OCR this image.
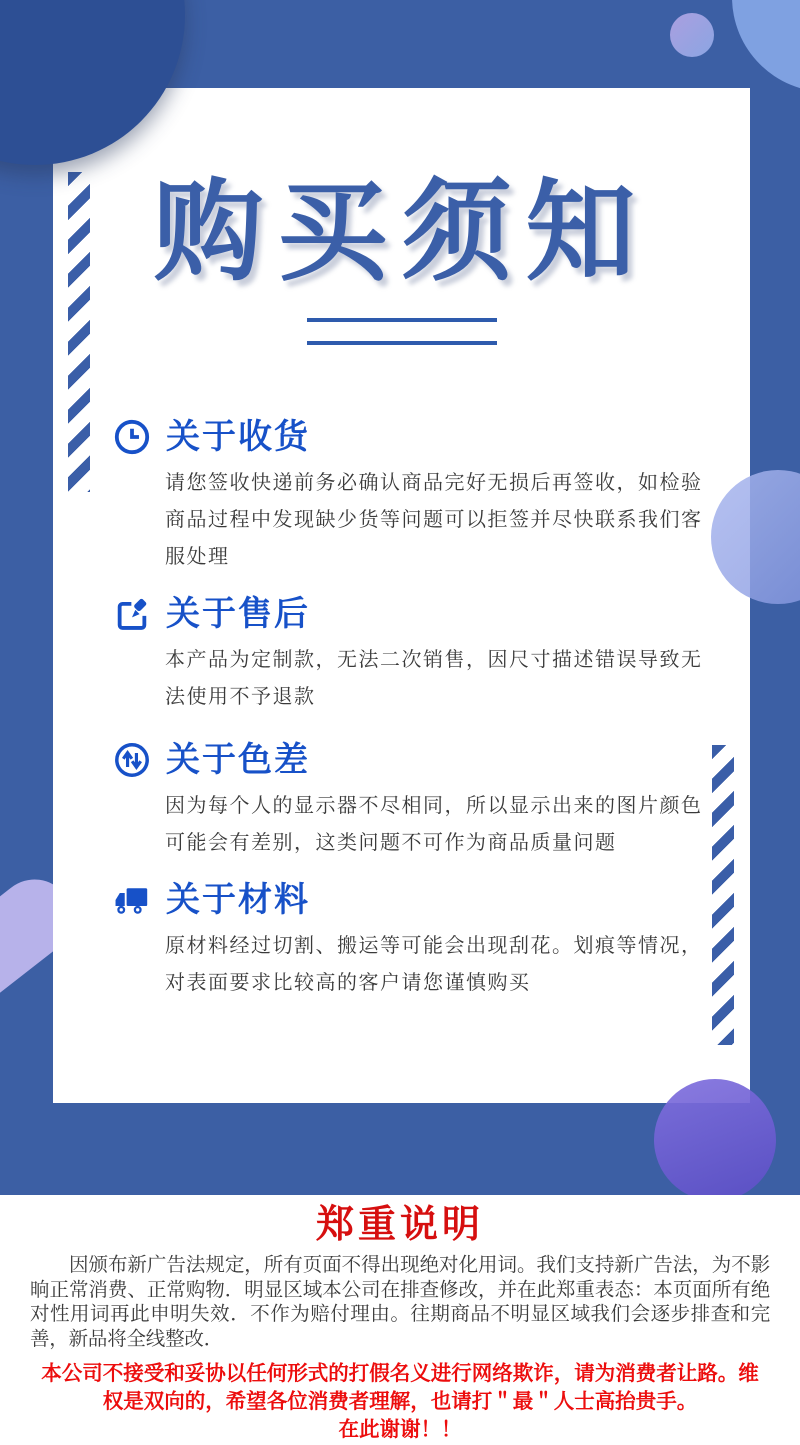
购买须知
关于收货
请您签收快递前务必确认商品完好无损后再签收，如检验商品过程中发现缺少货等问题可以拒签并尽快联系我们客服处理
关于售后
本产品为定制款，无法二次销售，因尺寸描述错误导致无法使用不予退款
关于色差
因为每个人的显示器不尽相同，所以显示出来的图片颜色可能会有差别，这类问题不可作为商品质量问题
关于材料
原材料经过切割、搬运等可能会出现刮花。划痕等情况，对表面要求比较高的客户请您谨慎购买
郑重说明
因颁布新广告法规定，所有页面不得出现绝对化用词。我们支持新广告法，为不影晌正常消费、正常购物．明显区域本公司在排查修改，并在此郑重表态：本页面所有绝对性用词再此申明失效．不作为赔付理由。往期商品不明显区域我们会逐步排查和完善，新品将全线整改．
本公司不接受和妥协以任何形式的打假名义进行网络欺诈，请为消费者让路。维
权是双向的，希望各位消费者理解，也请打＂最＂人士高抬贵手。
在此谢谢！！
